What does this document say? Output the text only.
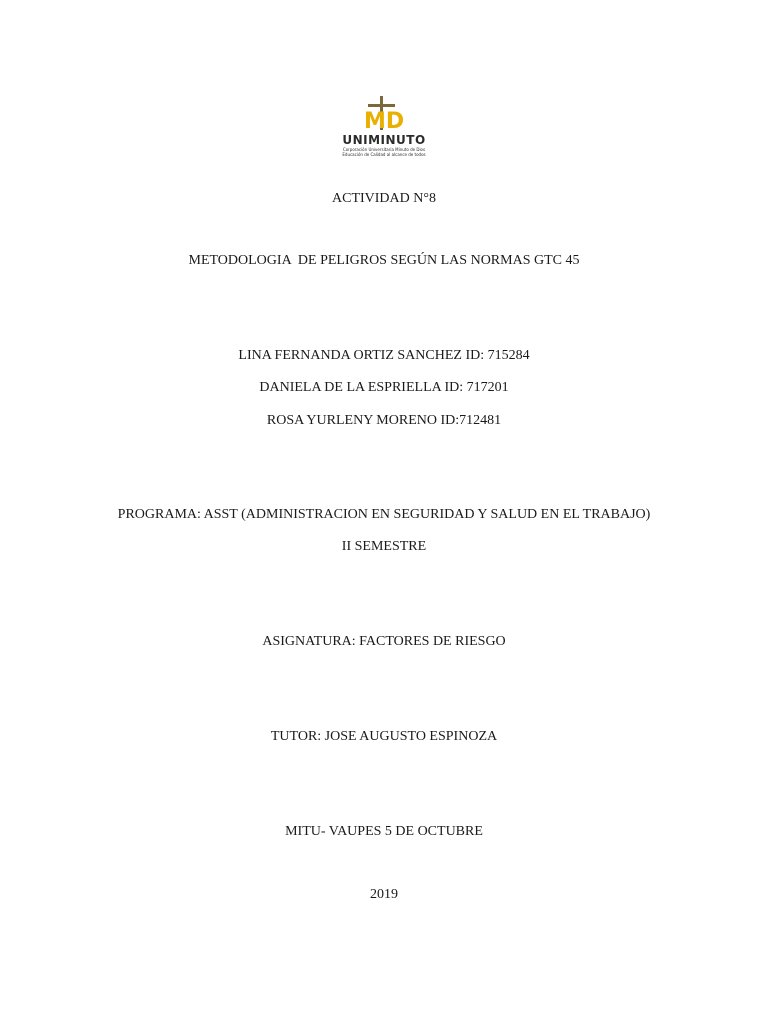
MD
UNIMINUTO
Corporación Universitaria Minuto de Dios
Educación de Calidad al alcance de todos
ACTIVIDAD N°8
METODOLOGIA  DE PELIGROS SEGÚN LAS NORMAS GTC 45
LINA FERNANDA ORTIZ SANCHEZ ID: 715284
DANIELA DE LA ESPRIELLA ID: 717201
ROSA YURLENY MORENO ID:712481
PROGRAMA: ASST (ADMINISTRACION EN SEGURIDAD Y SALUD EN EL TRABAJO)
II SEMESTRE
ASIGNATURA: FACTORES DE RIESGO
TUTOR: JOSE AUGUSTO ESPINOZA
MITU- VAUPES 5 DE OCTUBRE
2019
